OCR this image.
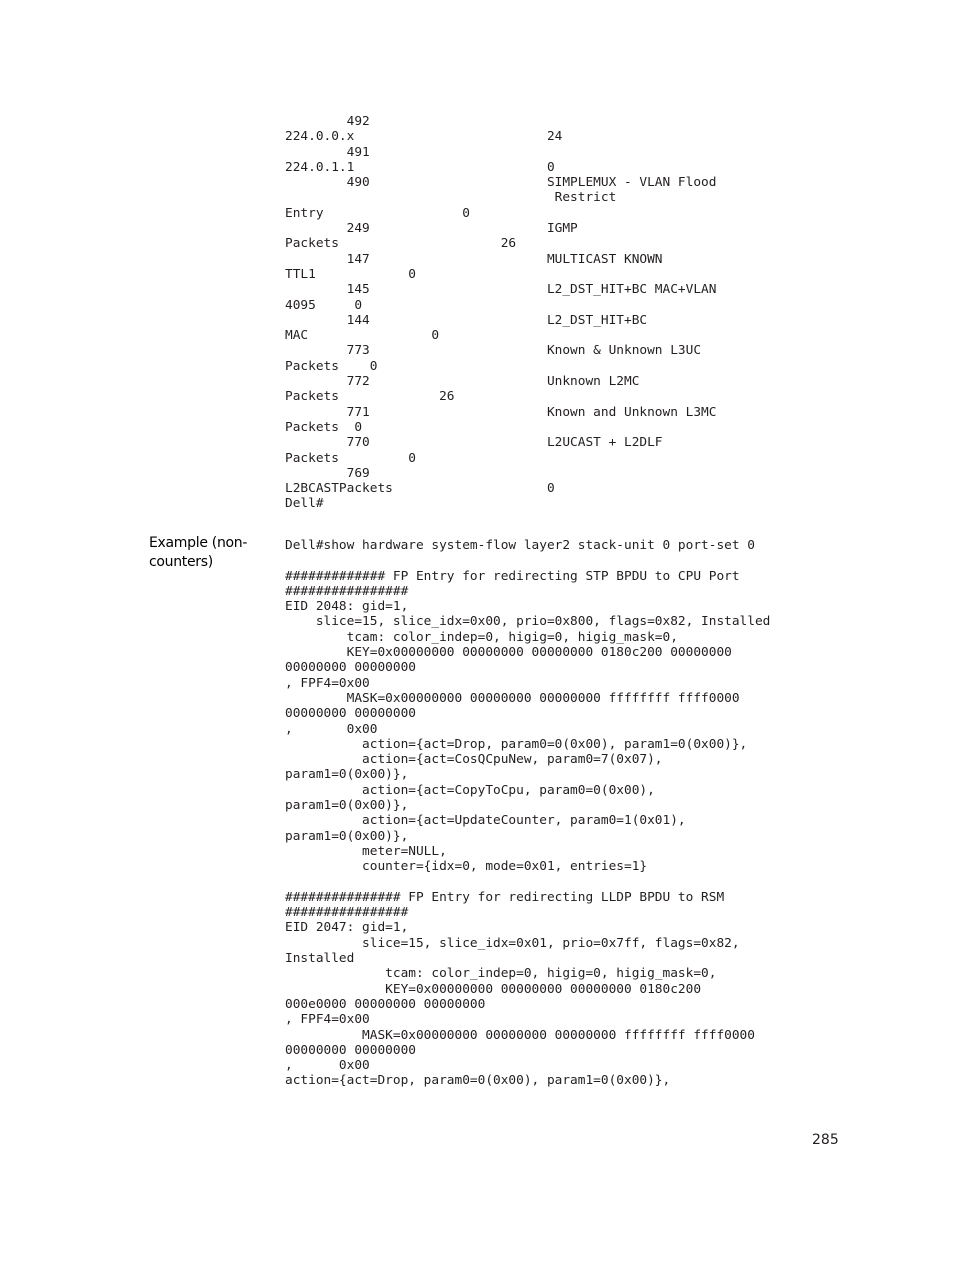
492
224.0.0.x                         24
491
224.0.1.1                         0
490                       SIMPLEMUX - VLAN Flood
Restrict
Entry                  0
249                       IGMP
Packets                     26
147                       MULTICAST KNOWN
TTL1            0
145                       L2_DST_HIT+BC MAC+VLAN
4095     0
144                       L2_DST_HIT+BC
MAC                0
773                       Known & Unknown L3UC
Packets    0
772                       Unknown L2MC
Packets             26
771                       Known and Unknown L3MC
Packets  0
770                       L2UCAST + L2DLF
Packets         0
769
L2BCASTPackets                    0
Dell#
Example (non-
counters)
Dell#show hardware system-flow layer2 stack-unit 0 port-set 0

############# FP Entry for redirecting STP BPDU to CPU Port
################
EID 2048: gid=1,
slice=15, slice_idx=0x00, prio=0x800, flags=0x82, Installed
tcam: color_indep=0, higig=0, higig_mask=0,
KEY=0x00000000 00000000 00000000 0180c200 00000000
00000000 00000000
, FPF4=0x00
MASK=0x00000000 00000000 00000000 ffffffff ffff0000
00000000 00000000
,       0x00
action={act=Drop, param0=0(0x00), param1=0(0x00)},
action={act=CosQCpuNew, param0=7(0x07),
param1=0(0x00)},
action={act=CopyToCpu, param0=0(0x00),
param1=0(0x00)},
action={act=UpdateCounter, param0=1(0x01),
param1=0(0x00)},
meter=NULL,
counter={idx=0, mode=0x01, entries=1}

############### FP Entry for redirecting LLDP BPDU to RSM
################
EID 2047: gid=1,
slice=15, slice_idx=0x01, prio=0x7ff, flags=0x82,
Installed
tcam: color_indep=0, higig=0, higig_mask=0,
KEY=0x00000000 00000000 00000000 0180c200
000e0000 00000000 00000000
, FPF4=0x00
MASK=0x00000000 00000000 00000000 ffffffff ffff0000
00000000 00000000
,      0x00
action={act=Drop, param0=0(0x00), param1=0(0x00)},
285
